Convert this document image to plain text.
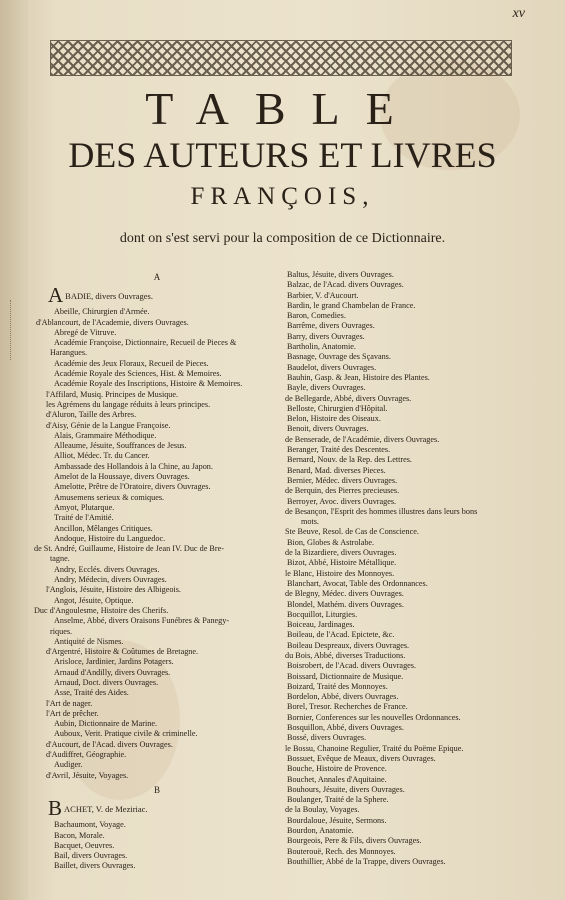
xv
TABLE
DES AUTEURS ET LIVRES
FRANÇOIS,
dont on s'est servi pour la composition de ce Dictionnaire.
A
A BADIE, divers Ouvrages.
Abeille, Chirurgien d'Armée.
d'Ablancourt, de l'Academie, divers Ouvrages.
Abregé de Vitruve.
Académie Françoise, Dictionnaire, Recueil de Pieces &
Harangues.
Académie des Jeux Floraux, Recueil de Pieces.
Académie Royale des Sciences, Hist. & Memoires.
Académie Royale des Inscriptions, Histoire & Memoires.
l'Affilard, Musiq. Principes de Musique.
les Agrémens du langage réduits à leurs principes.
d'Aluron, Taille des Arbres.
d'Aisy, Génie de la Langue Françoise.
Alais, Grammaire Méthodique.
Alleaume, Jésuite, Souffrances de Jesus.
Alliot, Médec. Tr. du Cancer.
Ambassade des Hollandois à la Chine, au Japon.
Amelot de la Houssaye, divers Ouvrages.
Amelotte, Prêtre de l'Oratoire, divers Ouvrages.
Amusemens serieux & comiques.
Amyot, Plutarque.
Traité de l'Amitié.
Ancillon, Mêlanges Critiques.
Andoque, Histoire du Languedoc.
de St. André, Guillaume, Histoire de Jean IV. Duc de Bre-
tagne.
Andry, Ecclés. divers Ouvrages.
Andry, Médecin, divers Ouvrages.
l'Anglois, Jésuite, Histoire des Albigeois.
Angot, Jésuite, Optique.
Duc d'Angoulesme, Histoire des Cherifs.
Anselme, Abbé, divers Oraisons Funébres & Panegy-
riques.
Antiquité de Nismes.
d'Argentré, Histoire & Coûtumes de Bretagne.
Arisloce, Jardinier, Jardins Potagers.
Arnaud d'Andilly, divers Ouvrages.
Arnaud, Doct. divers Ouvrages.
Asse, Traité des Aides.
l'Art de nager.
l'Art de prêcher.
Aubin, Dictionnaire de Marine.
Auboux, Verit. Pratique civile & criminelle.
d'Aucourt, de l'Acad. divers Ouvrages.
d'Audiffret, Géographie.
Audiger.
d'Avril, Jésuite, Voyages.
B
B ACHET, V. de Meziriac.
Bachaumont, Voyage.
Bacon, Morale.
Bacquet, Oeuvres.
Bail, divers Ouvrages.
Baillet, divers Ouvrages.
Baltus, Jésuite, divers Ouvrages.
Balzac, de l'Acad. divers Ouvrages.
Barbier, V. d'Aucourt.
Bardin, le grand Chambelan de France.
Baron, Comedies.
Barrême, divers Ouvrages.
Barry, divers Ouvrages.
Bartholin, Anatomie.
Basnage, Ouvrage des Sçavans.
Baudelot, divers Ouvrages.
Bauhin, Gasp. & Jean, Histoire des Plantes.
Bayle, divers Ouvrages.
de Bellegarde, Abbé, divers Ouvrages.
Belloste, Chirurgien d'Hôpital.
Belon, Histoire des Oiseaux.
Benoit, divers Ouvrages.
de Benserade, de l'Académie, divers Ouvrages.
Beranger, Traité des Descentes.
Bernard, Nouv. de la Rep. des Lettres.
Benard, Mad. diverses Pieces.
Bernier, Médec. divers Ouvrages.
de Berquin, des Pierres precieuses.
Berroyer, Avoc. divers Ouvrages.
de Besançon, l'Esprit des hommes illustres dans leurs bons
mots.
Ste Beuve, Resol. de Cas de Conscience.
Bion, Globes & Astrolabe.
de la Bizardiere, divers Ouvrages.
Bizot, Abbé, Histoire Métallique.
le Blanc, Histoire des Monnoyes.
Blanchart, Avocat, Table des Ordonnances.
de Blegny, Médec. divers Ouvrages.
Blondel, Mathém. divers Ouvrages.
Bocquillot, Liturgies.
Boiceau, Jardinages.
Boileau, de l'Acad. Epictete, &c.
Boileau Despreaux, divers Ouvrages.
du Bois, Abbé, diverses Traductions.
Boisrobert, de l'Acad. divers Ouvrages.
Boissard, Dictionnaire de Musique.
Boizard, Traité des Monnoyes.
Bordelon, Abbé, divers Ouvrages.
Borel, Tresor. Recherches de France.
Bornier, Conferences sur les nouvelles Ordonnances.
Bosquillon, Abbé, divers Ouvrages.
Bossé, divers Ouvrages.
le Bossu, Chanoine Regulier, Traité du Poëme Epique.
Bossuet, Evêque de Meaux, divers Ouvrages.
Bouche, Histoire de Provence.
Bouchet, Annales d'Aquitaine.
Bouhours, Jésuite, divers Ouvrages.
Boulanger, Traité de la Sphere.
de la Boulay, Voyages.
Bourdaloue, Jésuite, Sermons.
Bourdon, Anatomie.
Bourgeois, Pere & Fils, divers Ouvrages.
Bouterouë, Rech. des Monnoyes.
Bouthillier, Abbé de la Trappe, divers Ouvrages.
